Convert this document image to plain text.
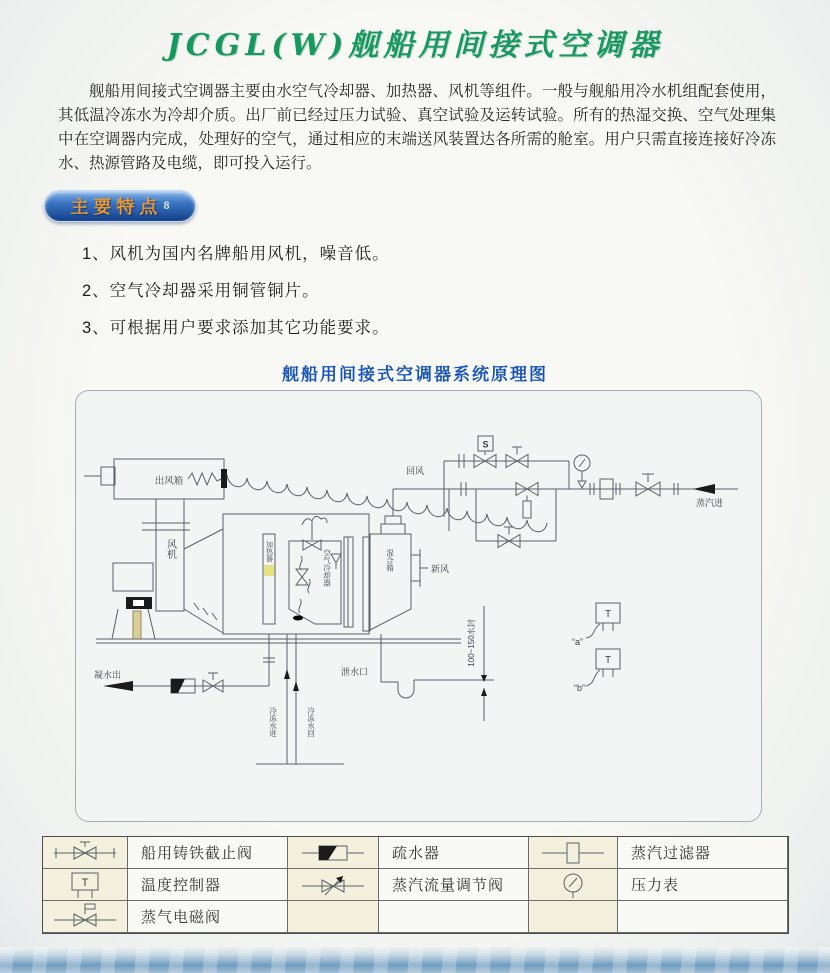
JCGL(W)舰船用间接式空调器
舰船用间接式空调器主要由水空气冷却器、加热器、风机等组件。一般与舰船用冷水机组配套使用，其低温冷冻水为冷却介质。出厂前已经过压力试验、真空试验及运转试验。所有的热湿交换、空气处理集中在空调器内完成，处理好的空气，通过相应的末端送风装置达各所需的舱室。用户只需直接连接好冷冻水、热源管路及电缆，即可投入运行。
主要特点 8
1、风机为国内名牌船用风机，噪音低。
2、空气冷却器采用铜管铜片。
3、可根据用户要求添加其它功能要求。
舰船用间接式空调器系统原理图
出风箱
风机	加热器	空气冷却器	混合箱	新风
回风
S
蒸汽进
T
“a”
T
“b”
凝水出
冷冻水进	冷冻水回
泄水口
100~150水封
船用铸铁截止阀	疏水器	蒸汽过滤器
T	温度控制器	蒸汽流量调节阀	压力表
蒸气电磁阀
